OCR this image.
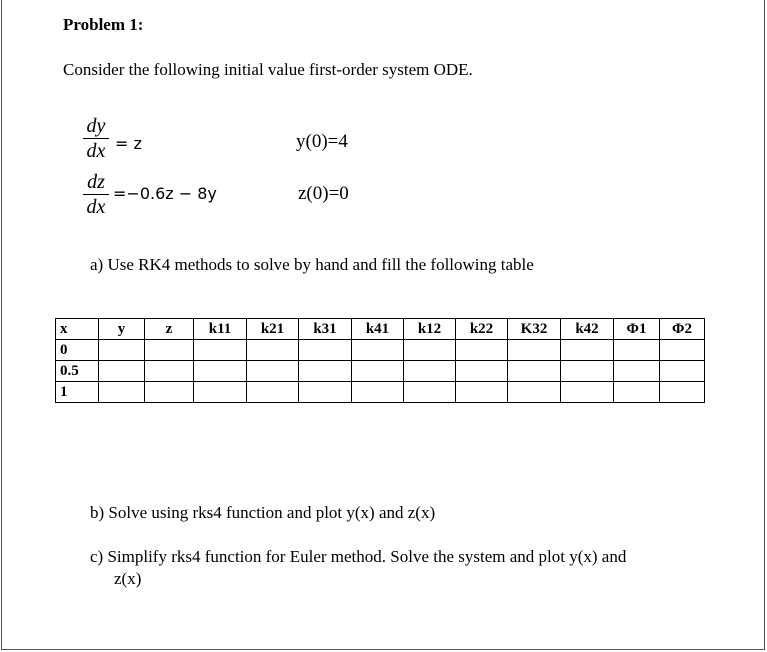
Problem 1:
Consider the following initial value first-order system ODE.
dy
dx = z	y(0)=4
dz
dx
=−0.6z − 8y	z(0)=0
a) Use RK4 methods to solve by hand and fill the following table
x	y	z	k11	k21	k31	k41	k12	k22	K32	k42	Φ1	Φ2
0												
0.5												
1												
b) Solve using rks4 function and plot y(x) and z(x)
c) Simplify rks4 function for Euler method. Solve the system and plot y(x) and
z(x)
